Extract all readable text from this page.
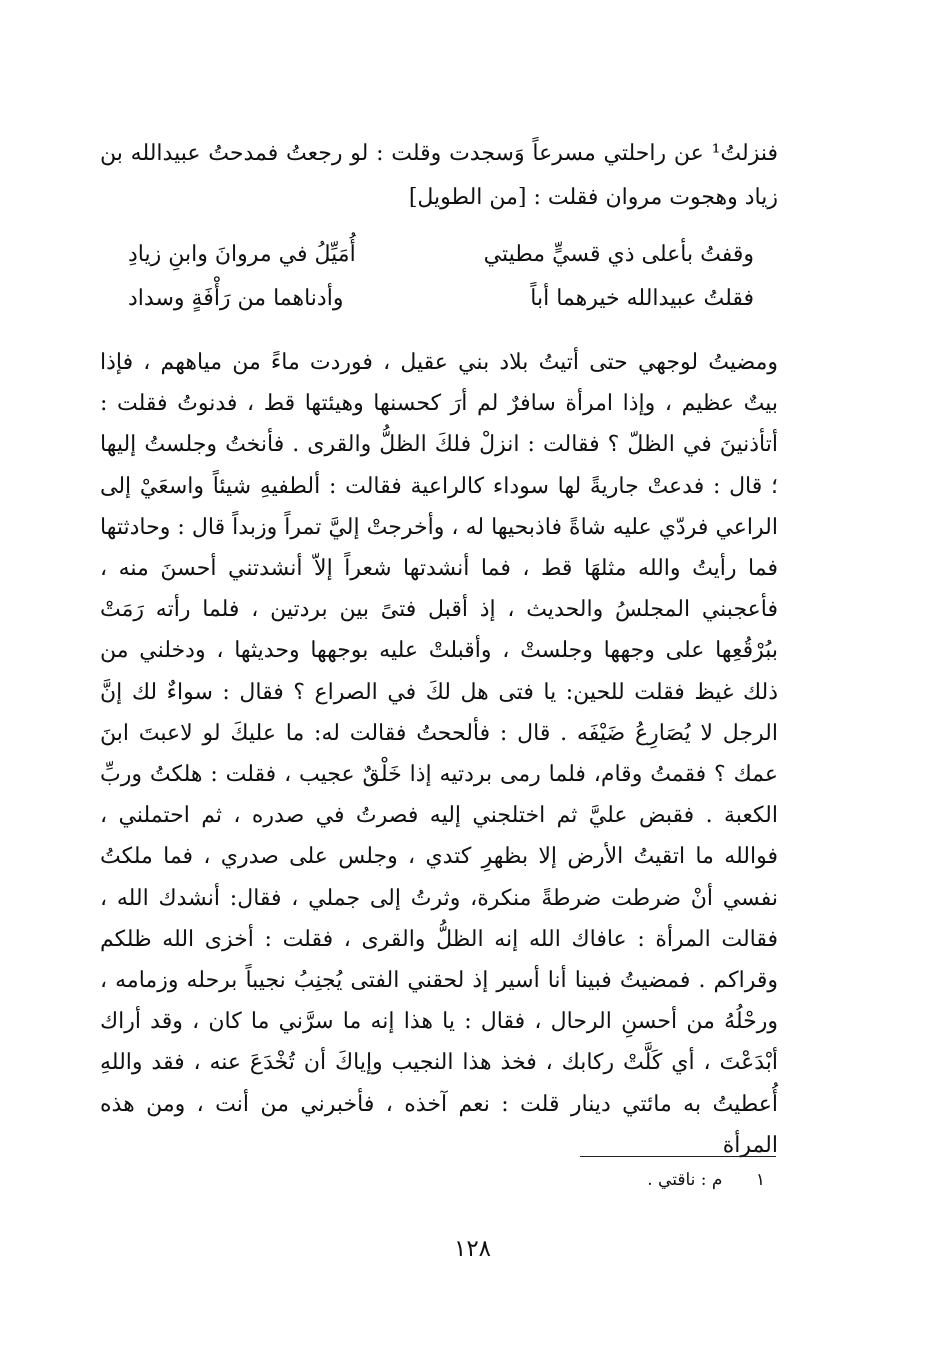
فنزلتُ¹ عن راحلتي مسرعاً وَسجدت وقلت : لو رجعتُ فمدحتُ عبيدالله بن زياد وهجوت مروان فقلت : [من الطويل]
وقفتُ بأعلى ذي قسيٍّ مطيتي
أُمَيِّلُ في مروانَ وابنِ زيادِ
فقلتُ عبيدالله خيرهما أباً
وأدناهما من رَأْفَةٍ وسداد

ومضيتُ لوجهي حتى أتيتُ بلاد بني عقيل ، فوردت ماءً من مياههم ، فإذا بيتٌ عظيم ، وإذا امرأة سافرٌ لم أرَ كحسنها وهيئتها قط ، فدنوتُ فقلت : أتأذنينَ في الظلّ ؟ فقالت : انزلْ فلكَ الظلُّ والقرى . فأنختُ وجلستُ إليها ؛ قال : فدعتْ جاريةً لها سوداء كالراعية فقالت : ألطفيهِ شيئاً واسعَيْ إلى الراعي فردّي عليه شاةً فاذبحيها له ، وأخرجتْ إليَّ تمراً وزبداً قال : وحادثتها فما رأيتُ والله مثلهَا قط ، فما أنشدتها شعراً إلاّ أنشدتني أحسنَ منه ، فأعجبني المجلسُ والحديث ، إذ أقبل فتىً بين بردتين ، فلما رأته رَمَتْ ببُرْقُعِها على وجهها وجلستْ ، وأقبلتْ عليه بوجهها وحديثها ، ودخلني من ذلك غيظ فقلت للحين: يا فتى هل لكَ في الصراع ؟ فقال : سواءٌ لك إنَّ الرجل لا يُصَارِعُ ضَيْفَه . قال : فألححتُ فقالت له: ما عليكَ لو لاعبتَ ابنَ عمك ؟ فقمتُ وقام، فلما رمى بردتيه إذا خَلْقٌ عجيب ، فقلت : هلكتُ وربِّ الكعبة . فقبض عليَّ ثم اختلجني إليه فصرتُ في صدره ، ثم احتملني ، فوالله ما اتقيتُ الأرض إلا بظهرِ كتدي ، وجلس على صدري ، فما ملكتُ نفسي أنْ ضرطت ضرطةً منكرة، وثرتُ إلى جملي ، فقال: أنشدك الله ، فقالت المرأة : عافاك الله إنه الظلُّ والقرى ، فقلت : أخزى الله ظلكم وقراكم . فمضيتُ فبينا أنا أسير إذ لحقني الفتى يُجنِبُ نجيباً برحله وزمامه ، ورحْلُهُ من أحسنِ الرحال ، فقال : يا هذا إنه ما سرَّني ما كان ، وقد أراك أبْدَعْتَ ، أي كَلَّتْ ركابك ، فخذ هذا النجيب وإياكَ أن تُخْدَعَ عنه ، فقد واللهِ أُعطيتُ به مائتي دينار قلت : نعم آخذه ، فأخبرني من أنت ، ومن هذه المرأة

١ م : ناقتي .
١٢٨
